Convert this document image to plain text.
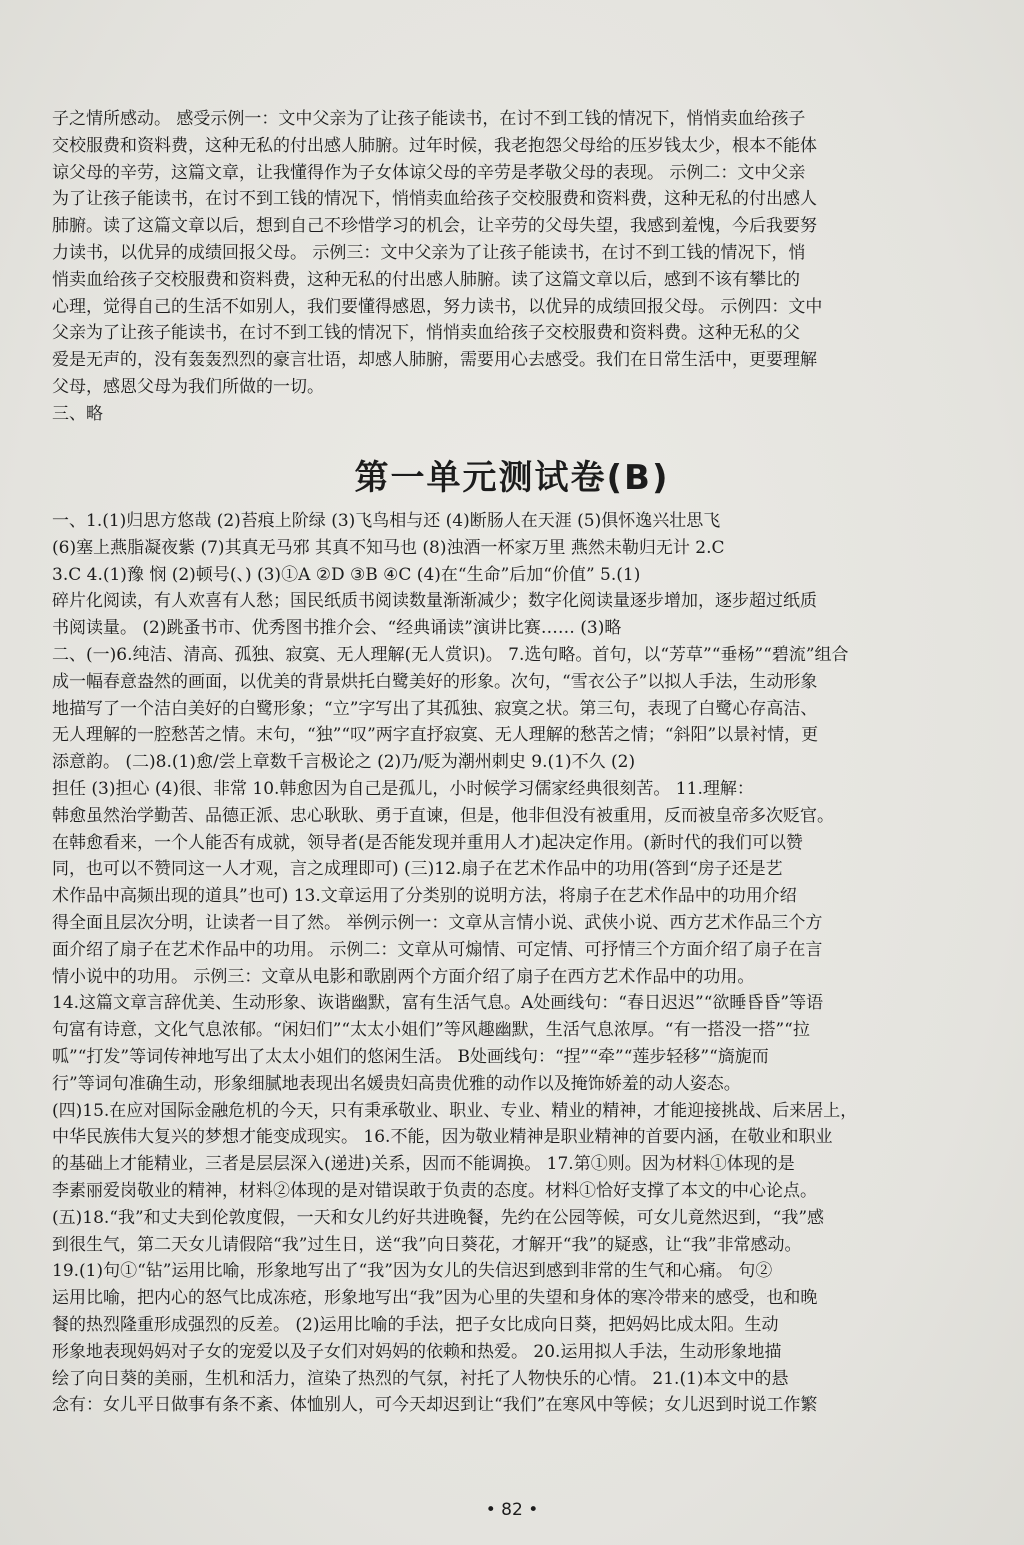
子之情所感动。 感受示例一：文中父亲为了让孩子能读书，在讨不到工钱的情况下，悄悄卖血给孩子
交校服费和资料费，这种无私的付出感人肺腑。过年时候，我老抱怨父母给的压岁钱太少，根本不能体
谅父母的辛劳，这篇文章，让我懂得作为子女体谅父母的辛劳是孝敬父母的表现。 示例二：文中父亲
为了让孩子能读书，在讨不到工钱的情况下，悄悄卖血给孩子交校服费和资料费，这种无私的付出感人
肺腑。读了这篇文章以后，想到自己不珍惜学习的机会，让辛劳的父母失望，我感到羞愧，今后我要努
力读书，以优异的成绩回报父母。 示例三：文中父亲为了让孩子能读书，在讨不到工钱的情况下，悄
悄卖血给孩子交校服费和资料费，这种无私的付出感人肺腑。读了这篇文章以后，感到不该有攀比的
心理，觉得自己的生活不如别人，我们要懂得感恩，努力读书，以优异的成绩回报父母。 示例四：文中
父亲为了让孩子能读书，在讨不到工钱的情况下，悄悄卖血给孩子交校服费和资料费。这种无私的父
爱是无声的，没有轰轰烈烈的豪言壮语，却感人肺腑，需要用心去感受。我们在日常生活中，更要理解
父母，感恩父母为我们所做的一切。
三、略
第一单元测试卷(B)
一、1.(1)归思方悠哉 (2)苔痕上阶绿 (3)飞鸟相与还 (4)断肠人在天涯 (5)俱怀逸兴壮思飞
(6)塞上燕脂凝夜紫 (7)其真无马邪 其真不知马也 (8)浊酒一杯家万里 燕然未勒归无计 2.C
3.C 4.(1)豫 悯 (2)顿号(、) (3)①A ②D ③B ④C (4)在“生命”后加“价值” 5.(1)
碎片化阅读，有人欢喜有人愁；国民纸质书阅读数量渐渐减少；数字化阅读量逐步增加，逐步超过纸质
书阅读量。 (2)跳蚤书市、优秀图书推介会、“经典诵读”演讲比赛…… (3)略
二、(一)6.纯洁、清高、孤独、寂寞、无人理解(无人赏识)。 7.选句略。首句，以“芳草”“垂杨”“碧流”组合
成一幅春意盎然的画面，以优美的背景烘托白鹭美好的形象。次句，“雪衣公子”以拟人手法，生动形象
地描写了一个洁白美好的白鹭形象；“立”字写出了其孤独、寂寞之状。第三句，表现了白鹭心存高洁、
无人理解的一腔愁苦之情。末句，“独”“叹”两字直抒寂寞、无人理解的愁苦之情；“斜阳”以景衬情，更
添意韵。 (二)8.(1)愈/尝上章数千言极论之 (2)乃/贬为潮州刺史 9.(1)不久 (2)
担任 (3)担心 (4)很、非常 10.韩愈因为自己是孤儿，小时候学习儒家经典很刻苦。 11.理解：
韩愈虽然治学勤苦、品德正派、忠心耿耿、勇于直谏，但是，他非但没有被重用，反而被皇帝多次贬官。
在韩愈看来，一个人能否有成就，领导者(是否能发现并重用人才)起决定作用。(新时代的我们可以赞
同，也可以不赞同这一人才观，言之成理即可) (三)12.扇子在艺术作品中的功用(答到“房子还是艺
术作品中高频出现的道具”也可) 13.文章运用了分类别的说明方法，将扇子在艺术作品中的功用介绍
得全面且层次分明，让读者一目了然。 举例示例一：文章从言情小说、武侠小说、西方艺术作品三个方
面介绍了扇子在艺术作品中的功用。 示例二：文章从可煽情、可定情、可抒情三个方面介绍了扇子在言
情小说中的功用。 示例三：文章从电影和歌剧两个方面介绍了扇子在西方艺术作品中的功用。
14.这篇文章言辞优美、生动形象、诙谐幽默，富有生活气息。A处画线句：“春日迟迟”“欲睡昏昏”等语
句富有诗意，文化气息浓郁。“闲妇们”“太太小姐们”等风趣幽默，生活气息浓厚。“有一搭没一搭”“拉
呱”“打发”等词传神地写出了太太小姐们的悠闲生活。 B处画线句：“捏”“牵”“莲步轻移”“旖旎而
行”等词句准确生动，形象细腻地表现出名媛贵妇高贵优雅的动作以及掩饰娇羞的动人姿态。
(四)15.在应对国际金融危机的今天，只有秉承敬业、职业、专业、精业的精神，才能迎接挑战、后来居上，
中华民族伟大复兴的梦想才能变成现实。 16.不能，因为敬业精神是职业精神的首要内涵，在敬业和职业
的基础上才能精业，三者是层层深入(递进)关系，因而不能调换。 17.第①则。因为材料①体现的是
李素丽爱岗敬业的精神，材料②体现的是对错误敢于负责的态度。材料①恰好支撑了本文的中心论点。
(五)18.“我”和丈夫到伦敦度假，一天和女儿约好共进晚餐，先约在公园等候，可女儿竟然迟到，“我”感
到很生气，第二天女儿请假陪“我”过生日，送“我”向日葵花，才解开“我”的疑惑，让“我”非常感动。
19.(1)句①“钻”运用比喻，形象地写出了“我”因为女儿的失信迟到感到非常的生气和心痛。 句②
运用比喻，把内心的怒气比成冻疮，形象地写出“我”因为心里的失望和身体的寒冷带来的感受，也和晚
餐的热烈隆重形成强烈的反差。 (2)运用比喻的手法，把子女比成向日葵，把妈妈比成太阳。生动
形象地表现妈妈对子女的宠爱以及子女们对妈妈的依赖和热爱。 20.运用拟人手法，生动形象地描
绘了向日葵的美丽，生机和活力，渲染了热烈的气氛，衬托了人物快乐的心情。 21.(1)本文中的悬
念有：女儿平日做事有条不紊、体恤别人，可今天却迟到让“我们”在寒风中等候；女儿迟到时说工作繁
• 82 •
